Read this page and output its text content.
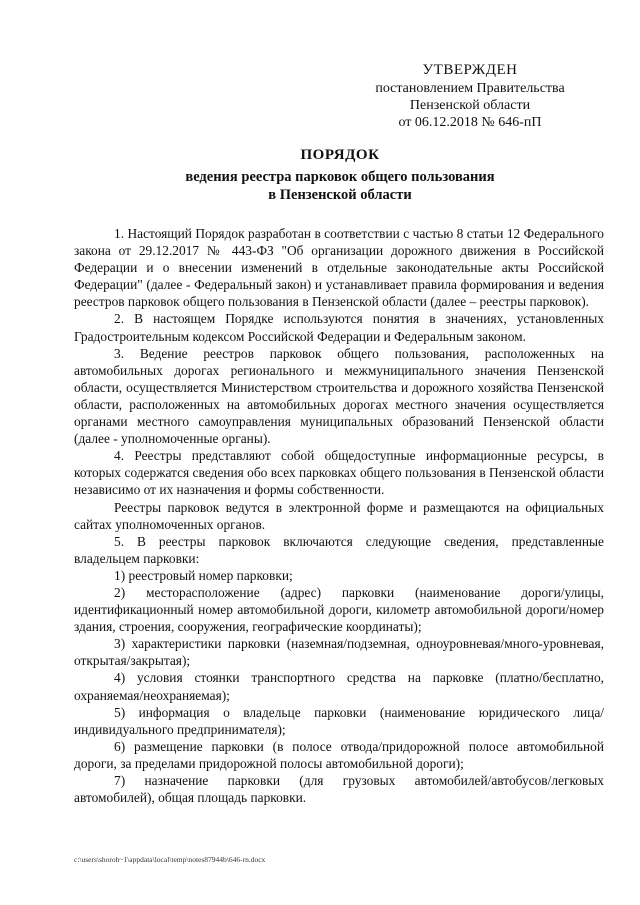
УТВЕРЖДЕН
постановлением Правительства
Пензенской области
от 06.12.2018 № 646-пП
ПОРЯДОК
ведения реестра парковок общего пользования
в Пензенской области

1. Настоящий Порядок разработан в соответствии с частью 8 статьи 12 Федерального закона от 29.12.2017 № 443-ФЗ "Об организации дорожного движения в Российской Федерации и о внесении изменений в отдельные законодательные акты Российской Федерации" (далее - Федеральный закон) и устанавливает правила формирования и ведения реестров парковок общего пользования в Пензенской области (далее – реестры парковок).

2. В настоящем Порядке используются понятия в значениях, установленных Градостроительным кодексом Российской Федерации и Федеральным законом.

3. Ведение реестров парковок общего пользования, расположенных на автомобильных дорогах регионального и межмуниципального значения Пензенской области, осуществляется Министерством строительства и дорожного хозяйства Пензенской области, расположенных на автомобильных дорогах местного значения осуществляется органами местного самоуправления муниципальных образований Пензенской области (далее - уполномоченные органы).

4. Реестры представляют собой общедоступные информационные ресурсы, в которых содержатся сведения обо всех парковках общего пользования в Пензенской области независимо от их назначения и формы собственности.

Реестры парковок ведутся в электронной форме и размещаются на официальных сайтах уполномоченных органов.

5. В реестры парковок включаются следующие сведения, представленные владельцем парковки:

1) реестровый номер парковки;

2) месторасположение (адрес) парковки (наименование дороги/улицы, идентификационный номер автомобильной дороги, километр автомобильной дороги/номер здания, строения, сооружения, географические координаты);

3) характеристики парковки (наземная/подземная, одноуровневая/много-уровневая, открытая/закрытая);

4) условия стоянки транспортного средства на парковке (платно/бесплатно, охраняемая/неохраняемая);

5) информация о владельце парковки (наименование юридического лица/ индивидуального предпринимателя);

6) размещение парковки (в полосе отвода/придорожной полосе автомобильной дороги, за пределами придорожной полосы автомобильной дороги);

7) назначение парковки (для грузовых автомобилей/автобусов/легковых автомобилей), общая площадь парковки.

c:\users\shoroh~1\appdata\local\temp\notes87944b\646-rn.docx
